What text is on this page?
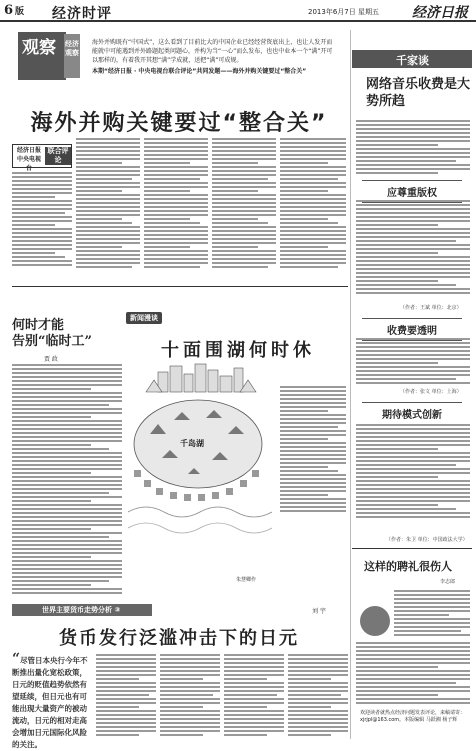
6 版 经济时评	2013年6月7日 星期五 经济日报
观察	经济观察

海外并购既有“中国式”，这么看到了目前比大的中国企业已经经营资底出上，也让人发开而能就中可能遇到并外路题起类问题心，并构为当“一心”而么发布，也也中业本一个“满”开可以那样的，有着我开其想“满”学成就，送把“满”可成规。

本期“经济日报 · 中央电视台联合评论”共同发题——海外并购关键要过“整合关”

海外并购关键要过“整合关”
经济日报 中央电视台
联合评论
千家谈
网络音乐收费是大势所趋
应尊重版权
（作者：王斌 单位：北京）
收费要透明
（作者：张文 单位：上海）
期待模式创新
（作者：朱卫 单位：中国政法大学）
这样的聘礼很伤人
李志郎
欢迎读者就热点经济问题发表评论，来稿请寄：xjrjpl@163.com。本版编辑 马跃湘 杨子辉
何时才能
告别“临时工”
贾 政
新闻漫谈
十面围湖何时休
千岛湖
朱慧卿作
世界主要货币走势分析 ③	刘 宇
货币发行泛滥冲击下的日元
“尽管日本央行今年不断推出量化宽松政策，日元的贬值趋势依然有望延续，但日元也有可能出现大量资产的被动流动，日元的相对走高会增加日元国际化风险的关注。
